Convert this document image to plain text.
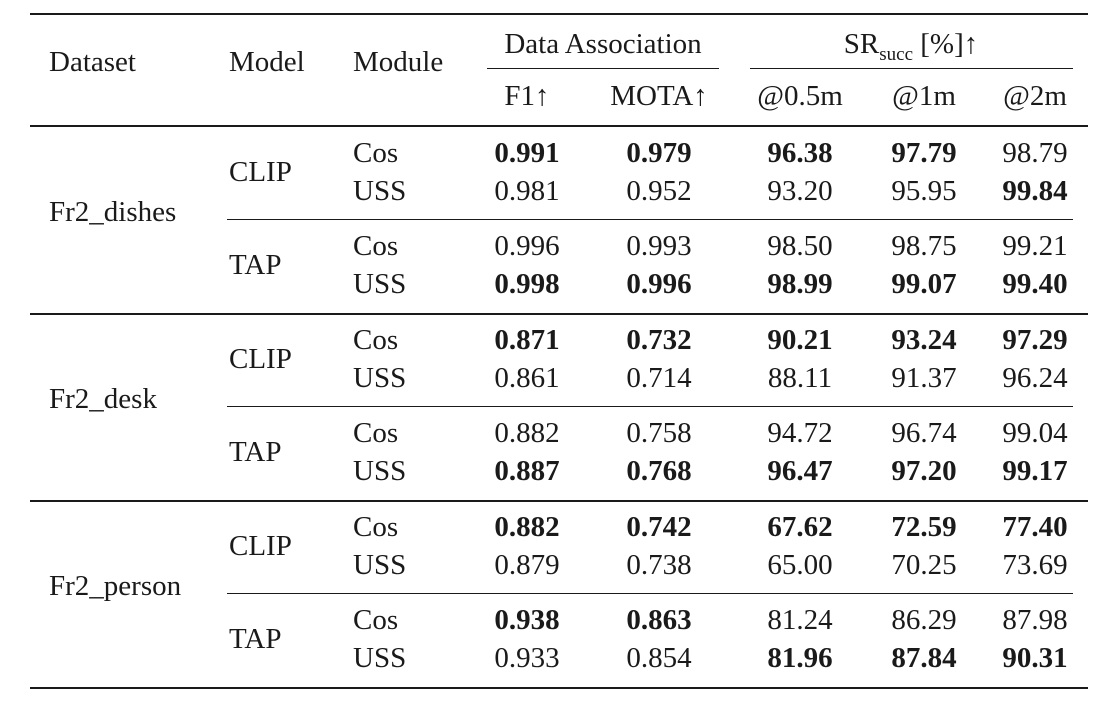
Dataset	Model Module
Data Association	$SR_{succ}$ [%]↑
F1↑ MOTA↑ @0.5m @1m @2m
Fr2_dishes
CLIP
Cos	0.991 0.979	96.38 97.79 98.79
USS	0.981 0.952	93.20 95.95 99.84
TAP
Cos	0.996 0.993	98.50 98.75 99.21
USS	0.998 0.996	98.99 99.07 99.40
Fr2_desk
CLIP
Cos	0.871 0.732	90.21 93.24 97.29
USS	0.861 0.714	88.11 91.37 96.24
TAP
Cos	0.882 0.758	94.72 96.74 99.04
USS	0.887 0.768	96.47 97.20 99.17
Fr2_person
CLIP
Cos	0.882 0.742	67.62 72.59 77.40
USS	0.879 0.738	65.00 70.25 73.69
TAP
Cos	0.938 0.863	81.24 86.29 87.98
USS	0.933 0.854	81.96 87.84 90.31
